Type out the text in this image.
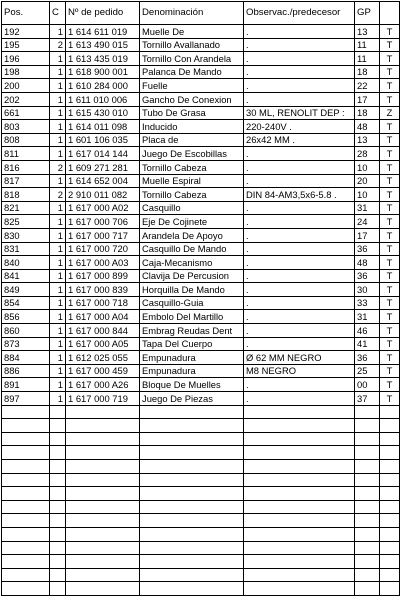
Pos.	C	Nº de pedido	Denominación	Observac./predecesor	GP	
192	1	1 614 611 019	Muelle De	.	13	T
195	2	1 613 490 015	Tornillo Avallanado	.	11	T
196	1	1 613 435 019	Tornillo Con Arandela	.	11	T
198	1	1 618 900 001	Palanca De Mando	.	18	T
200	1	1 610 284 000	Fuelle	.	22	T
202	1	1 611 010 006	Gancho De Conexion	.	17	T
661	1	1 615 430 010	Tubo De Grasa	30 ML, RENOLIT DEP :	18	Z
803	1	1 614 011 098	Inducido	220-240V .	48	T
808	1	1 601 106 035	Placa de	26x42 MM .	13	T
811	1	1 617 014 144	Juego De Escobillas	.	28	T
816	2	1 609 271 281	Tornillo Cabeza	.	10	T
817	1	1 614 652 004	Muelle Espiral	.	20	T
818	2	2 910 011 082	Tornillo Cabeza	DIN 84-AM3,5x6-5.8 .	10	T
821	1	1 617 000 A02	Casquillo	.	31	T
825	1	1 617 000 706	Eje De Cojinete	.	24	T
830	1	1 617 000 717	Arandela De Apoyo	.	17	T
831	1	1 617 000 720	Casquillo De Mando	.	36	T
840	1	1 617 000 A03	Caja-Mecanismo	.	48	T
841	1	1 617 000 899	Clavija De Percusion	.	36	T
849	1	1 617 000 839	Horquilla De Mando	.	30	T
854	1	1 617 000 718	Casquillo-Guia	.	33	T
856	1	1 617 000 A04	Embolo Del Martillo	.	31	T
860	1	1 617 000 844	Embrag Reudas Dent	.	46	T
873	1	1 617 000 A05	Tapa Del Cuerpo	.	41	T
884	1	1 612 025 055	Empunadura	Ø 62 MM NEGRO	36	T
886	1	1 617 000 459	Empunadura	M8 NEGRO	25	T
891	1	1 617 000 A26	Bloque De Muelles	.	00	T
897	1	1 617 000 719	Juego De Piezas	.	37	T
